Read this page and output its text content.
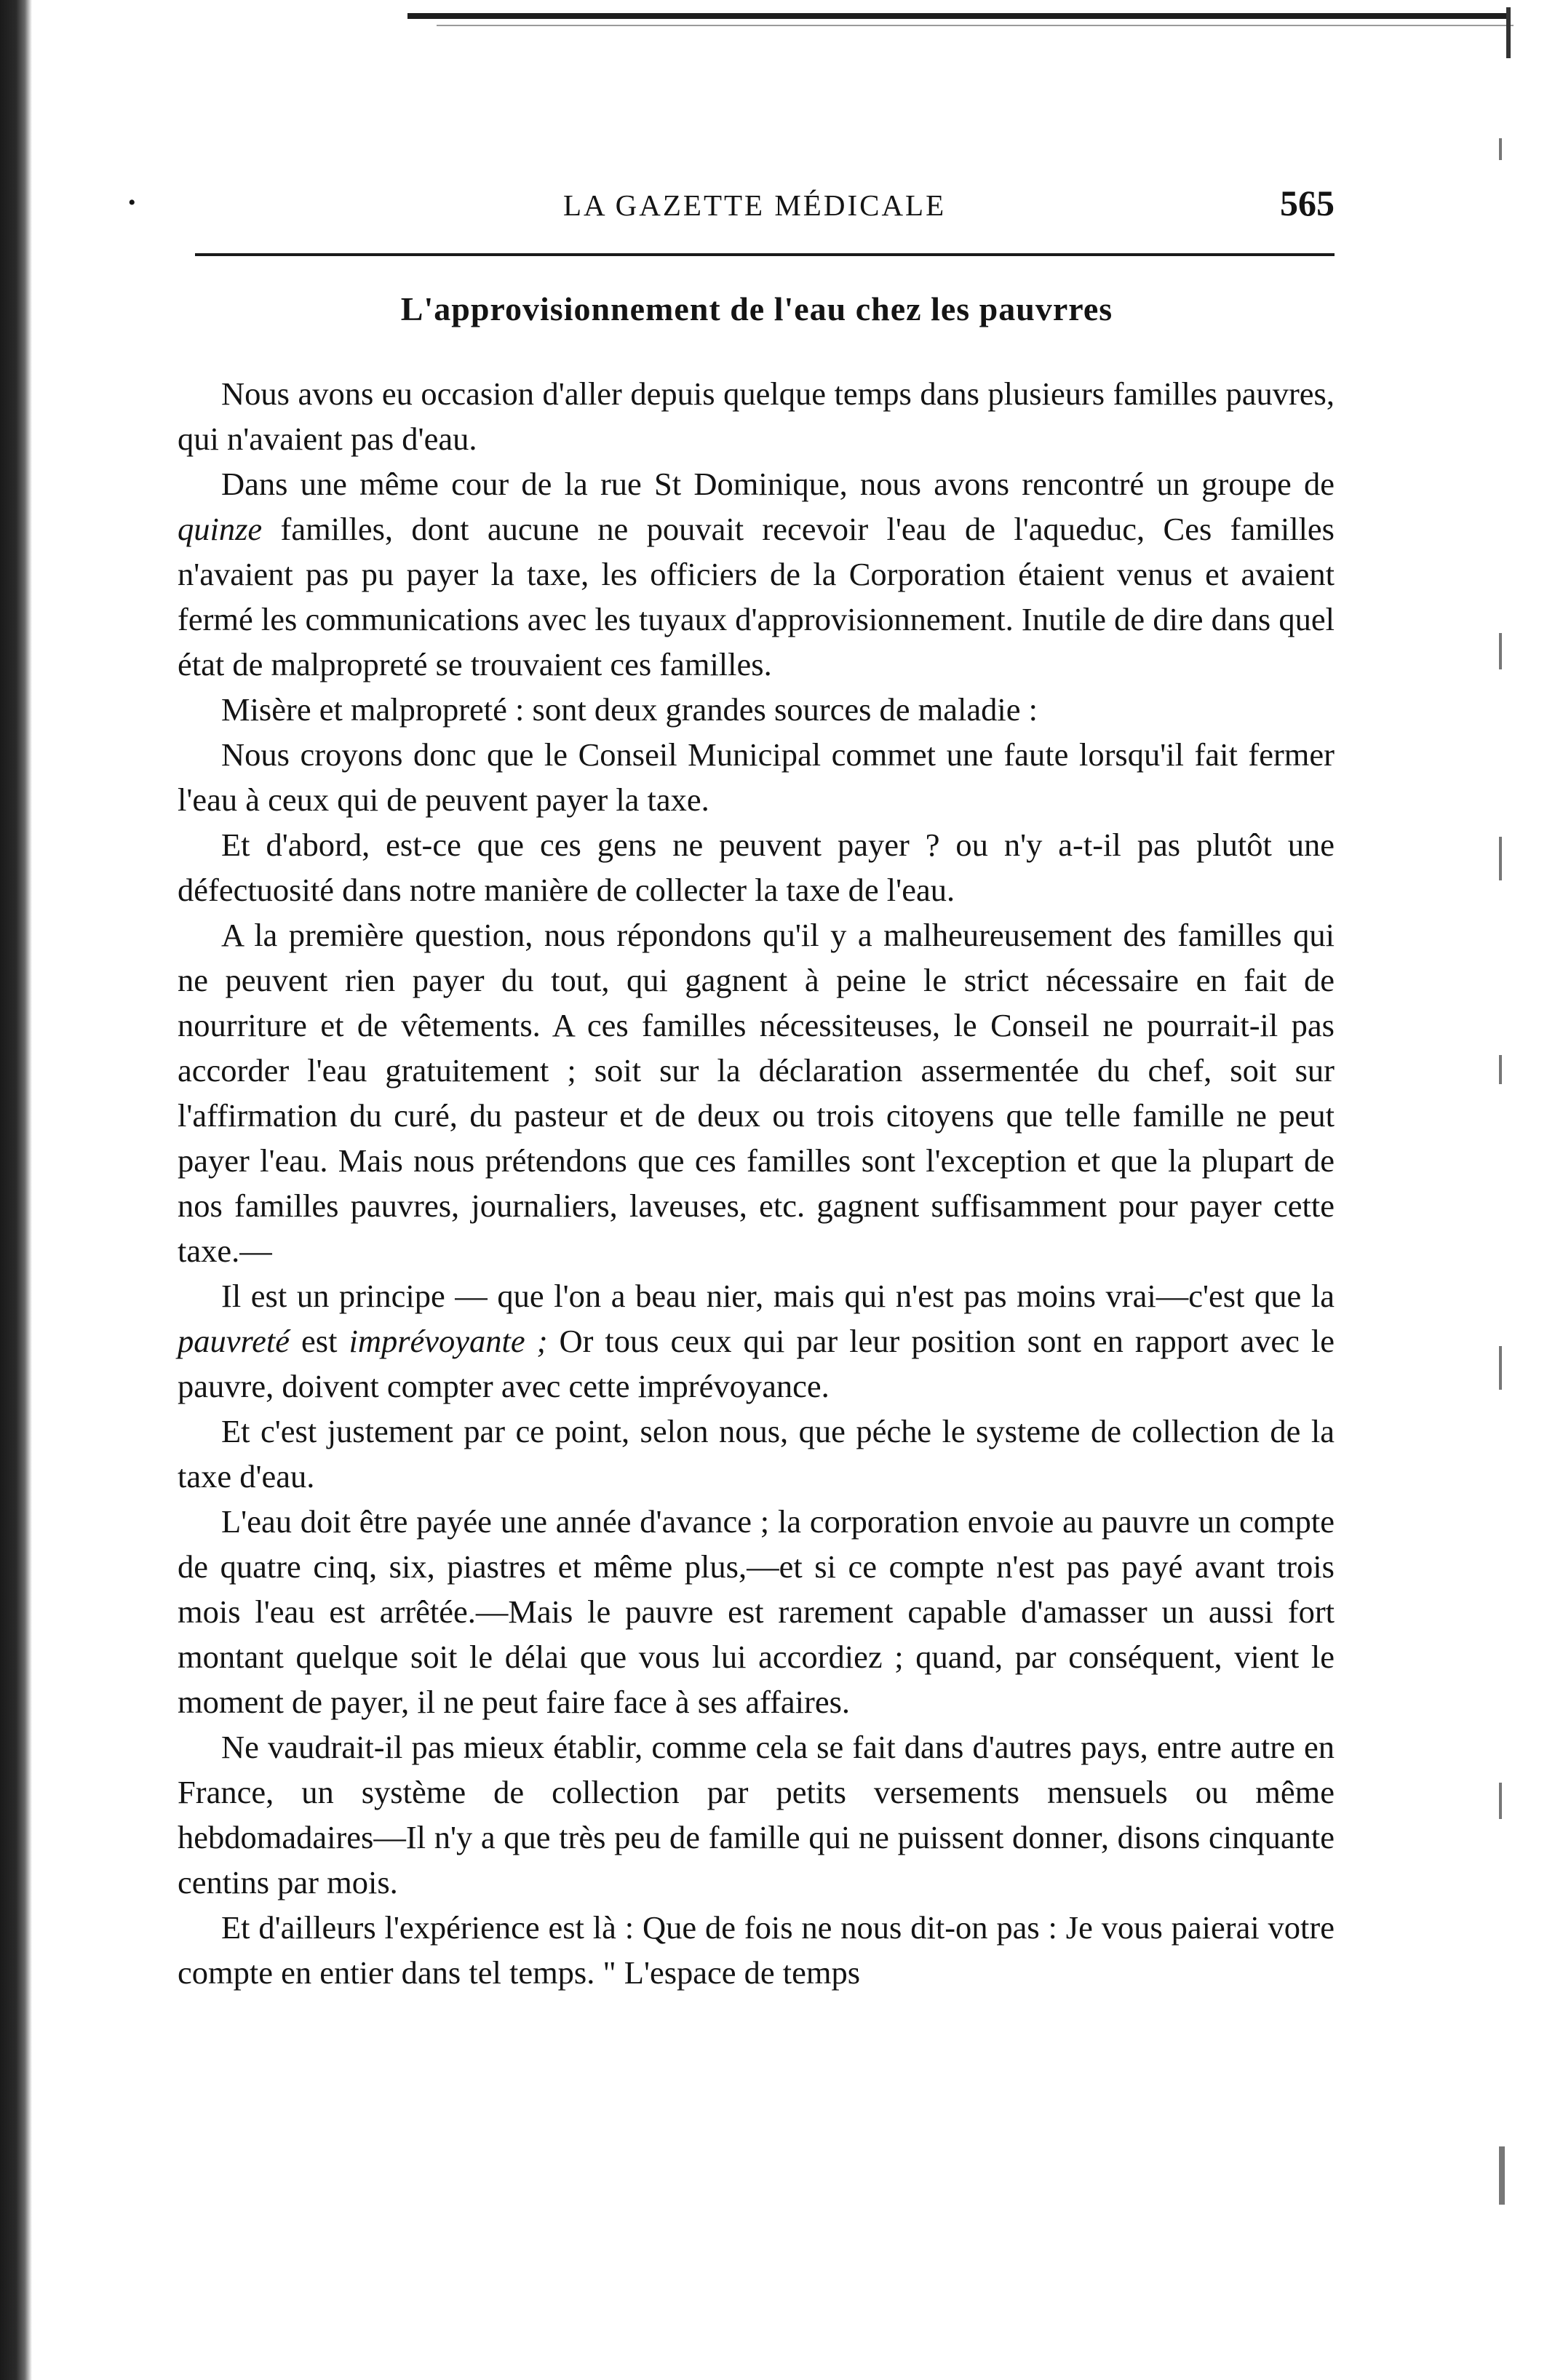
•	LA GAZETTE MÉDICALE	565
L'approvisionnement de l'eau chez les pauvrres

Nous avons eu occasion d'aller depuis quelque temps dans plusieurs familles pauvres, qui n'avaient pas d'eau.

Dans une même cour de la rue St Dominique, nous avons rencontré un groupe de quinze familles, dont aucune ne pouvait recevoir l'eau de l'aqueduc, Ces familles n'avaient pas pu payer la taxe, les officiers de la Corporation étaient venus et avaient fermé les communications avec les tuyaux d'approvisionnement. Inutile de dire dans quel état de malpropreté se trouvaient ces familles.

Misère et malpropreté : sont deux grandes sources de maladie :

Nous croyons donc que le Conseil Municipal commet une faute lorsqu'il fait fermer l'eau à ceux qui de peuvent payer la taxe.

Et d'abord, est-ce que ces gens ne peuvent payer ? ou n'y a-t-il pas plutôt une défectuosité dans notre manière de collecter la taxe de l'eau.

A la première question, nous répondons qu'il y a malheureusement des familles qui ne peuvent rien payer du tout, qui gagnent à peine le strict nécessaire en fait de nourriture et de vêtements. A ces familles nécessiteuses, le Conseil ne pourrait-il pas accorder l'eau gratuitement ; soit sur la déclaration assermentée du chef, soit sur l'affirmation du curé, du pasteur et de deux ou trois citoyens que telle famille ne peut payer l'eau. Mais nous prétendons que ces familles sont l'exception et que la plupart de nos familles pauvres, journaliers, laveuses, etc. gagnent suffisamment pour payer cette taxe.—

Il est un principe — que l'on a beau nier, mais qui n'est pas moins vrai—c'est que la pauvreté est imprévoyante ; Or tous ceux qui par leur position sont en rapport avec le pauvre, doivent compter avec cette imprévoyance.

Et c'est justement par ce point, selon nous, que péche le systeme de collection de la taxe d'eau.

L'eau doit être payée une année d'avance ; la corporation envoie au pauvre un compte de quatre cinq, six, piastres et même plus,—et si ce compte n'est pas payé avant trois mois l'eau est arrêtée.—Mais le pauvre est rarement capable d'amasser un aussi fort montant quelque soit le délai que vous lui accordiez ; quand, par conséquent, vient le moment de payer, il ne peut faire face à ses affaires.

Ne vaudrait-il pas mieux établir, comme cela se fait dans d'autres pays, entre autre en France, un système de collection par petits versements mensuels ou même hebdomadaires—Il n'y a que très peu de famille qui ne puissent donner, disons cinquante centins par mois.

Et d'ailleurs l'expérience est là : Que de fois ne nous dit-on pas : Je vous paierai votre compte en entier dans tel temps. " L'espace de temps
